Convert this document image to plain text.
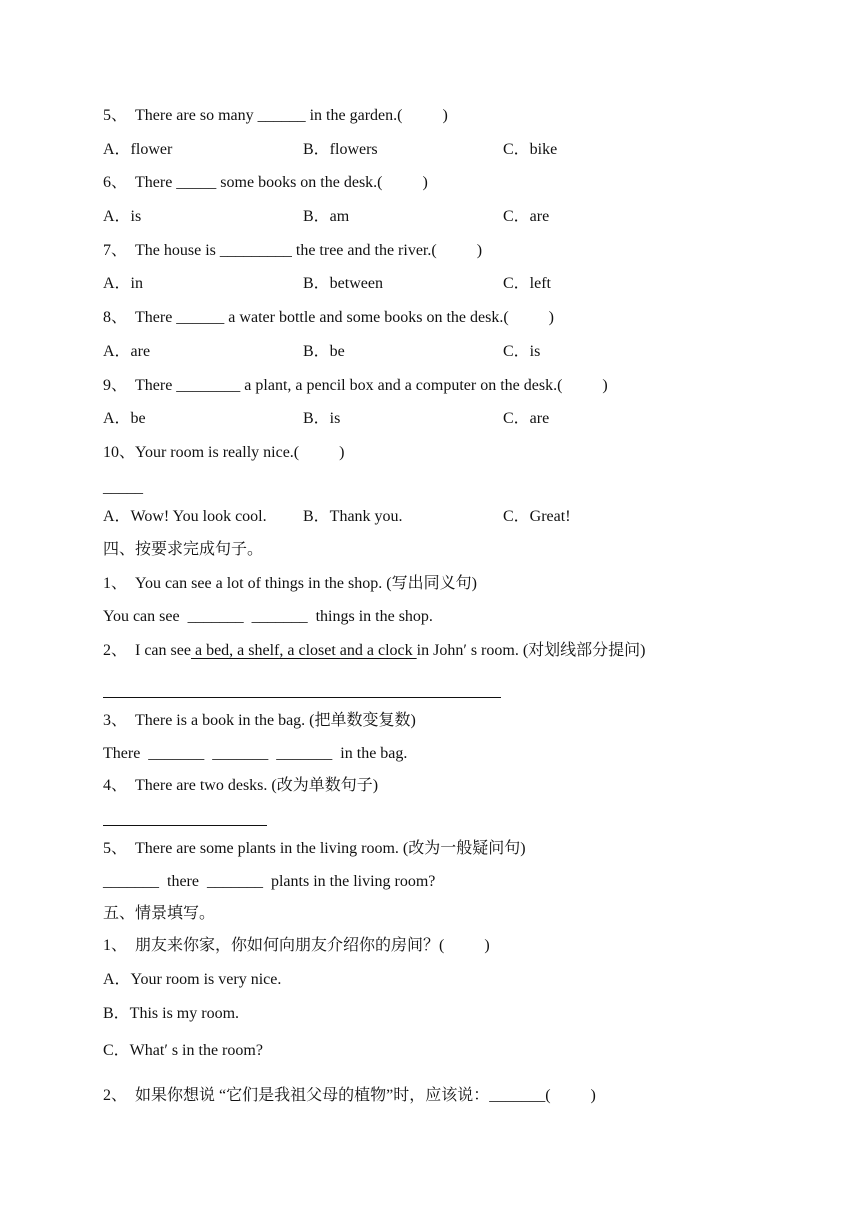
5、  There are so many ______ in the garden.(          )
A．flower	B．flowers	C．bike
6、  There _____ some books on the desk.(          )
A．is	B．am	C．are
7、  The house is _________ the tree and the river.(          )
A．in	B．between	C．left
8、  There ______ a water bottle and some books on the desk.(          )
A．are	B．be	C．is
9、  There ________ a plant, a pencil box and a computer on the desk.(          )
A．be	B．is	C．are
10、Your room is really nice.(          )
_____
A．Wow! You look cool. B．Thank you.	C．Great!
四、按要求完成句子。
1、  You can see a lot of things in the shop. (写出同义句)
You can see  _______  _______  things in the shop.
2、  I can see a bed, a shelf, a closet and a clock in John′ s room. (对划线部分提问)
3、  There is a book in the bag. (把单数变复数)
There  _______  _______  _______  in the bag.
4、  There are two desks. (改为单数句子)
5、  There are some plants in the living room. (改为一般疑问句)
_______  there  _______  plants in the living room?
五、情景填写。
1、  朋友来你家，你如何向朋友介绍你的房间？(          )
A．Your room is very nice.
B．This is my room.
C．What′ s in the room?
2、  如果你想说 “它们是我祖父母的植物”时，应该说：_______(          )
